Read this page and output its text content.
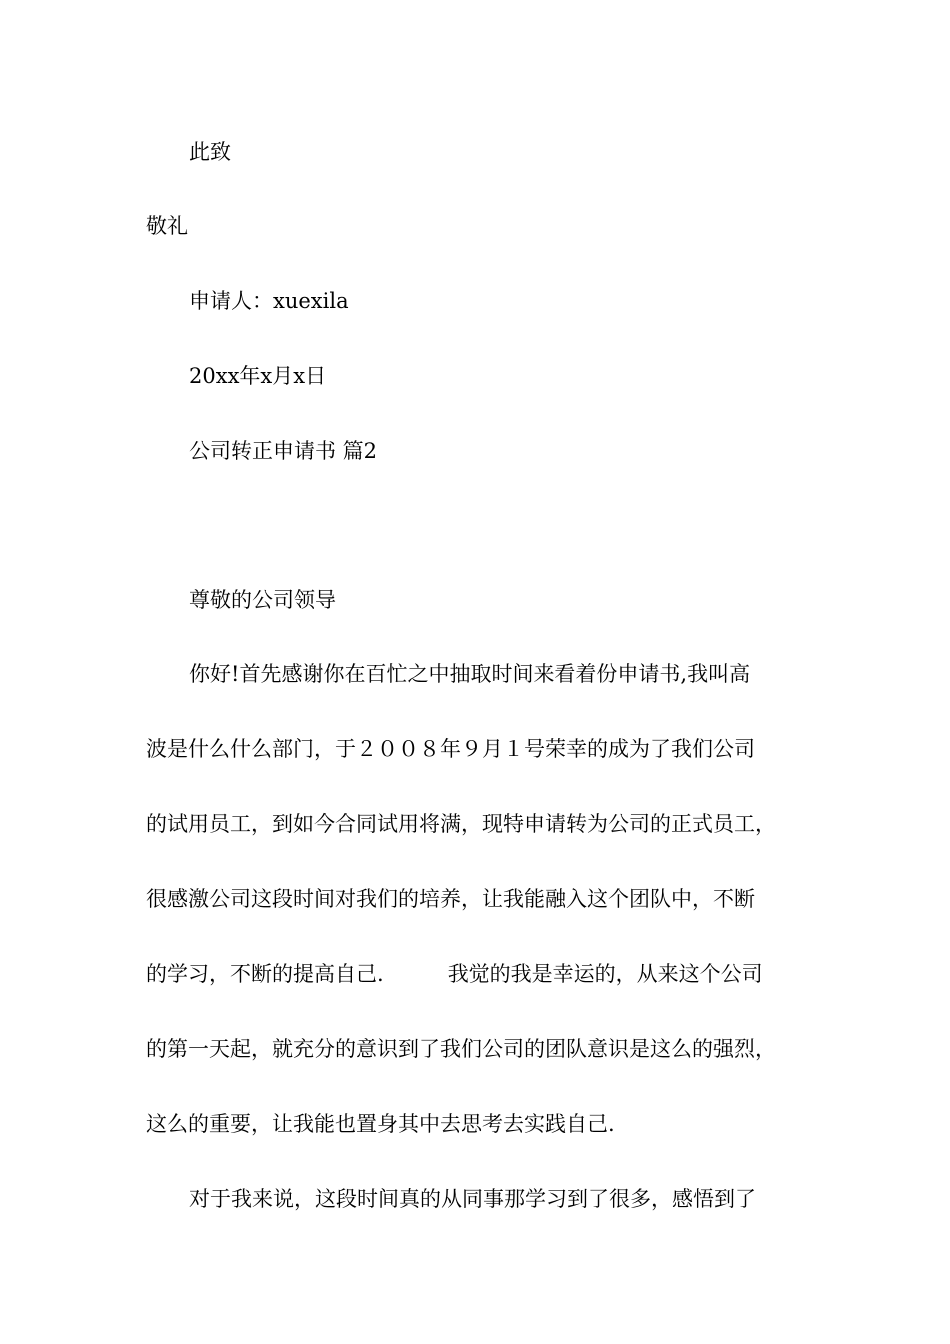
此致
敬礼
申请人：xuexila
20xx年x月x日
公司转正申请书 篇2
尊敬的公司领导
你好!首先感谢你在百忙之中抽取时间来看着份申请书,我叫高
波是什么什么部门，于２００８年９月１号荣幸的成为了我们公司
的试用员工，到如今合同试用将满，现特申请转为公司的正式员工，
很感激公司这段时间对我们的培养，让我能融入这个团队中，不断
的学习，不断的提高自己.	我觉的我是幸运的，从来这个公司
的第一天起，就充分的意识到了我们公司的团队意识是这么的强烈，
这么的重要，让我能也置身其中去思考去实践自己.
对于我来说，这段时间真的从同事那学习到了很多，感悟到了
